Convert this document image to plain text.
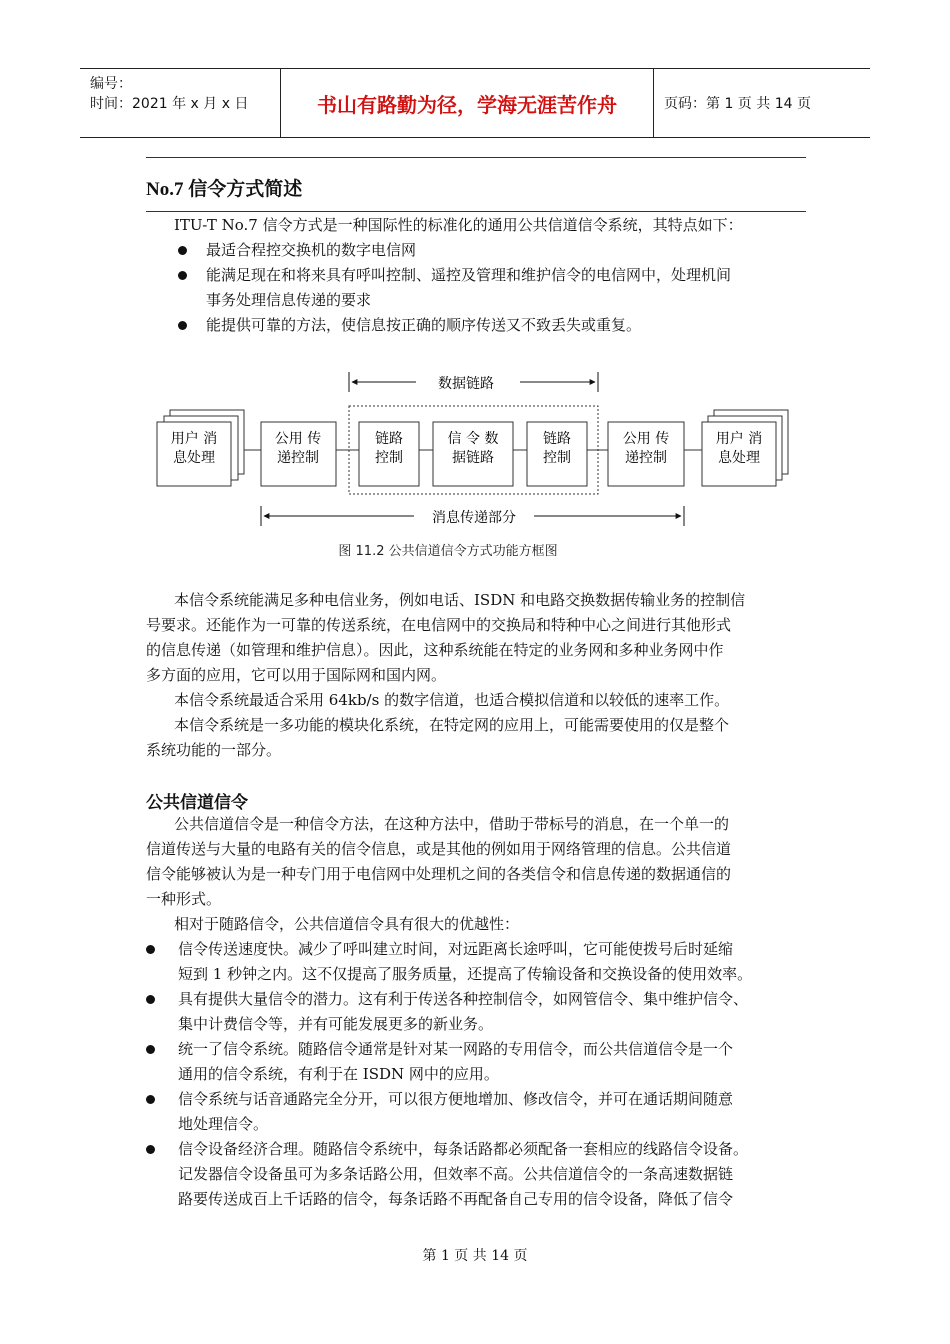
编号：
时间：2021 年 x 月 x 日	书山有路勤为径，学海无涯苦作舟	页码：第 1 页 共 14 页
No.7 信令方式简述
ITU-T No.7 信令方式是一种国际性的标准化的通用公共信道信令系统，其特点如下：
最适合程控交换机的数字电信网
能满足现在和将来具有呼叫控制、遥控及管理和维护信令的电信网中，处理机间
事务处理信息传递的要求
能提供可靠的方法，使信息按正确的顺序传送又不致丢失或重复。
数据链路
用户 消
息处理
公用 传
递控制
链路
控制
信 令 数
据链路
链路
控制
公用 传
递控制
用户 消
息处理
消息传递部分
图 11.2 公共信道信令方式功能方框图
本信令系统能满足多种电信业务，例如电话、ISDN 和电路交换数据传输业务的控制信
号要求。还能作为一可靠的传送系统，在电信网中的交换局和特种中心之间进行其他形式
的信息传递（如管理和维护信息）。因此，这种系统能在特定的业务网和多种业务网中作
多方面的应用，它可以用于国际网和国内网。
本信令系统最适合采用 64kb/s 的数字信道，也适合模拟信道和以较低的速率工作。
本信令系统是一多功能的模块化系统，在特定网的应用上，可能需要使用的仅是整个
系统功能的一部分。
公共信道信令
公共信道信令是一种信令方法，在这种方法中，借助于带标号的消息，在一个单一的
信道传送与大量的电路有关的信令信息，或是其他的例如用于网络管理的信息。公共信道
信令能够被认为是一种专门用于电信网中处理机之间的各类信令和信息传递的数据通信的
一种形式。
相对于随路信令，公共信道信令具有很大的优越性：
信令传送速度快。减少了呼叫建立时间，对远距离长途呼叫，它可能使拨号后时延缩
短到 1 秒钟之内。这不仅提高了服务质量，还提高了传输设备和交换设备的使用效率。
具有提供大量信令的潜力。这有利于传送各种控制信令，如网管信令、集中维护信令、
集中计费信令等，并有可能发展更多的新业务。
统一了信令系统。随路信令通常是针对某一网路的专用信令，而公共信道信令是一个
通用的信令系统，有利于在 ISDN 网中的应用。
信令系统与话音通路完全分开，可以很方便地增加、修改信令，并可在通话期间随意
地处理信令。
信令设备经济合理。随路信令系统中，每条话路都必须配备一套相应的线路信令设备。
记发器信令设备虽可为多条话路公用，但效率不高。公共信道信令的一条高速数据链
路要传送成百上千话路的信令，每条话路不再配备自己专用的信令设备，降低了信令
第 1 页 共 14 页
